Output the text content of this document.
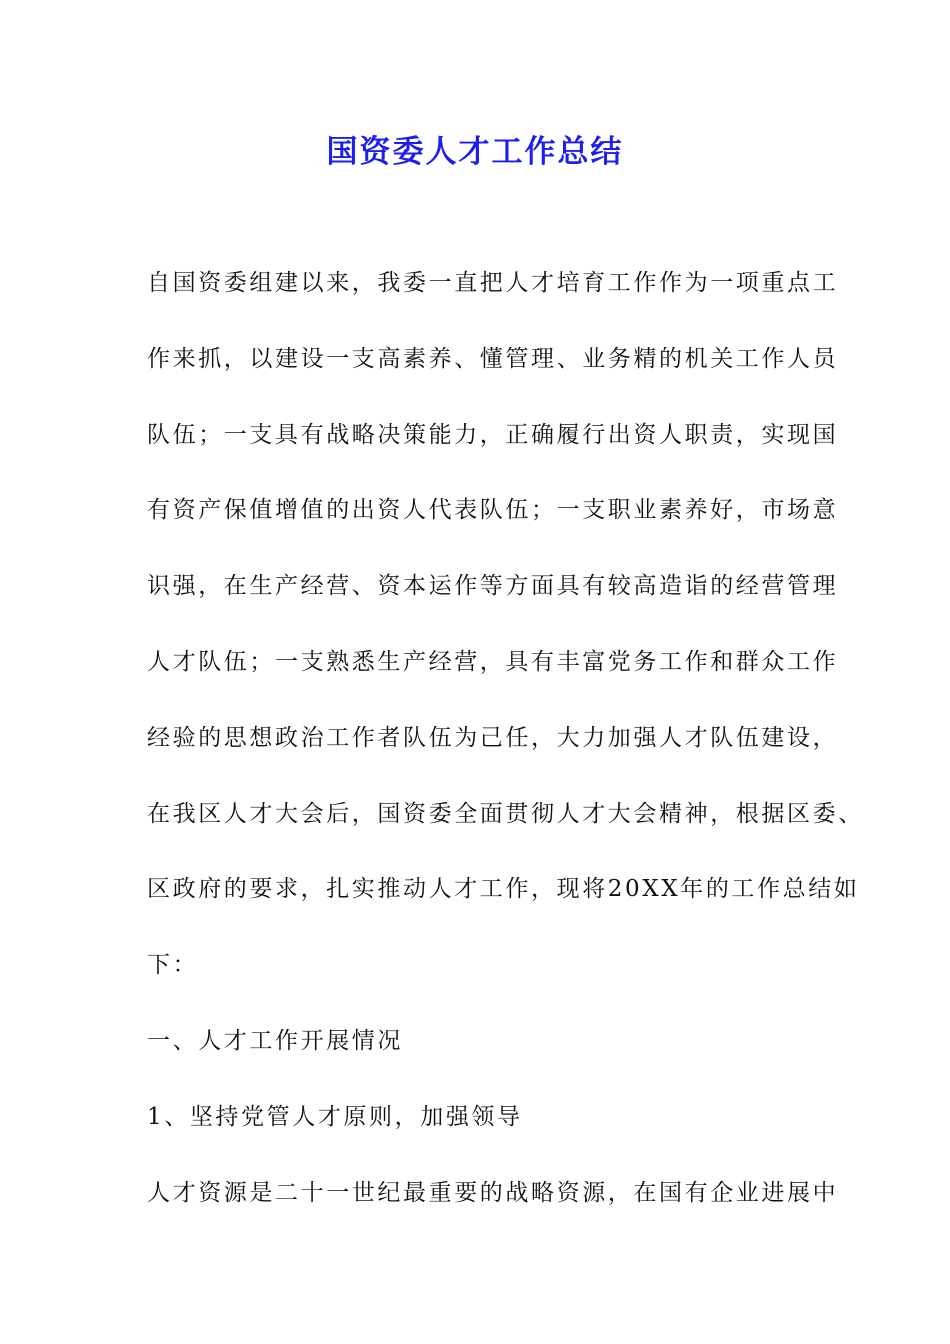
国资委人才工作总结
自国资委组建以来，我委一直把人才培育工作作为一项重点工
作来抓，以建设一支高素养、懂管理、业务精的机关工作人员
队伍；一支具有战略决策能力，正确履行出资人职责，实现国
有资产保值增值的出资人代表队伍；一支职业素养好，市场意
识强，在生产经营、资本运作等方面具有较高造诣的经营管理
人才队伍；一支熟悉生产经营，具有丰富党务工作和群众工作
经验的思想政治工作者队伍为己任，大力加强人才队伍建设，
在我区人才大会后，国资委全面贯彻人才大会精神，根据区委、
区政府的要求，扎实推动人才工作，现将20XX年的工作总结如
下：
一、人才工作开展情况
1、坚持党管人才原则，加强领导
人才资源是二十一世纪最重要的战略资源，在国有企业进展中
